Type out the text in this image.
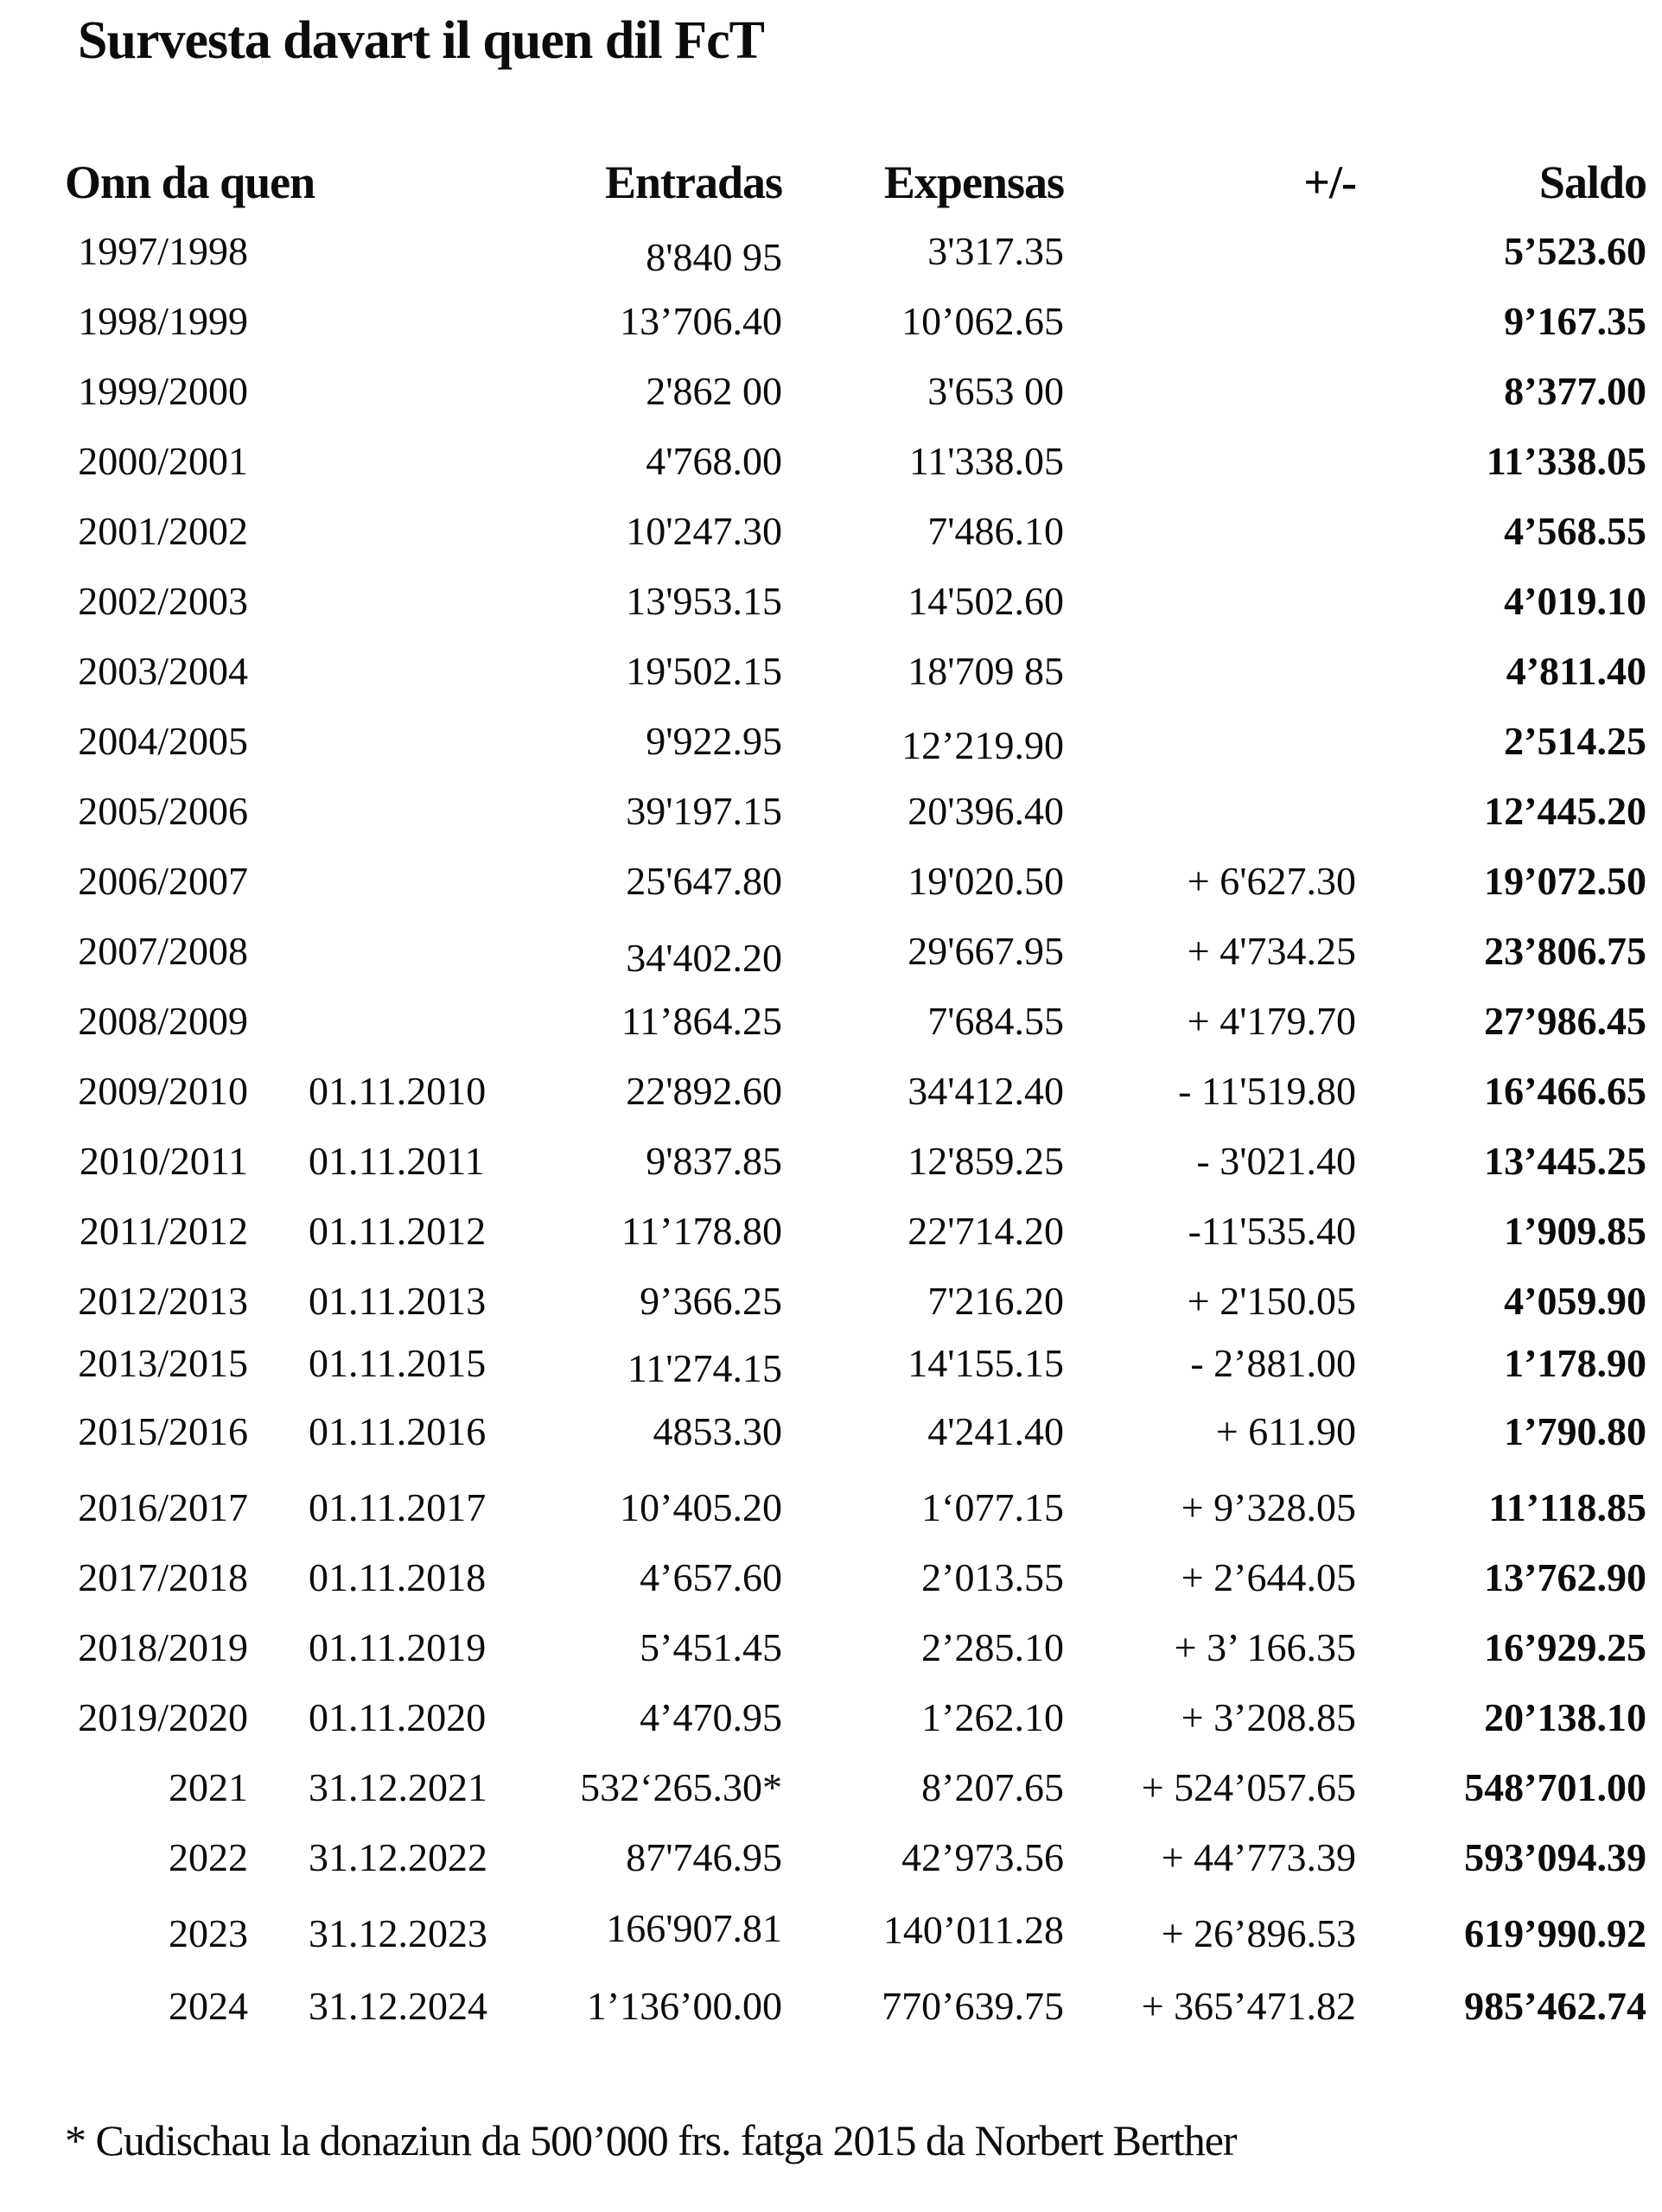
Survesta davart il quen dil FcT
Onn da quen		Entradas	Expensas	+/-	Saldo
1997/1998		8'840 95	3'317.35		5’523.60
1998/1999		13’706.40	10’062.65		9’167.35
1999/2000		2'862 00	3'653 00		8’377.00
2000/2001		4'768.00	11'338.05		11’338.05
2001/2002		10'247.30	7'486.10		4’568.55
2002/2003		13'953.15	14'502.60		4’019.10
2003/2004		19'502.15	18'709 85		4’811.40
2004/2005		9'922.95	12’219.90		2’514.25
2005/2006		39'197.15	20'396.40		12’445.20
2006/2007		25'647.80	19'020.50	+ 6'627.30	19’072.50
2007/2008		34'402.20	29'667.95	+ 4'734.25	23’806.75
2008/2009		11’864.25	7'684.55	+ 4'179.70	27’986.45
2009/2010	01.11.2010	22'892.60	34'412.40	- 11'519.80	16’466.65
2010/2011	01.11.2011	9'837.85	12'859.25	- 3'021.40	13’445.25
2011/2012	01.11.2012	11’178.80	22'714.20	-11'535.40	1’909.85
2012/2013	01.11.2013	9’366.25	7'216.20	+ 2'150.05	4’059.90
2013/2015	01.11.2015	11'274.15	14'155.15	- 2’881.00	1’178.90
2015/2016	01.11.2016	4853.30	4'241.40	+ 611.90	1’790.80
2016/2017	01.11.2017	10’405.20	1‘077.15	+ 9’328.05	11’118.85
2017/2018	01.11.2018	4’657.60	2’013.55	+ 2’644.05	13’762.90
2018/2019	01.11.2019	5’451.45	2’285.10	+ 3’ 166.35	16’929.25
2019/2020	01.11.2020	4’470.95	1’262.10	+ 3’208.85	20’138.10
2021	31.12.2021	532‘265.30*	8’207.65	+ 524’057.65	548’701.00
2022	31.12.2022	87'746.95	42’973.56	+ 44’773.39	593’094.39
2023	31.12.2023	166'907.81	140’011.28	+ 26’896.53	619’990.92
2024	31.12.2024	1’136’00.00	770’639.75	+ 365’471.82	985’462.74
* Cudischau la donaziun da 500’000 frs. fatga 2015 da Norbert Berther
